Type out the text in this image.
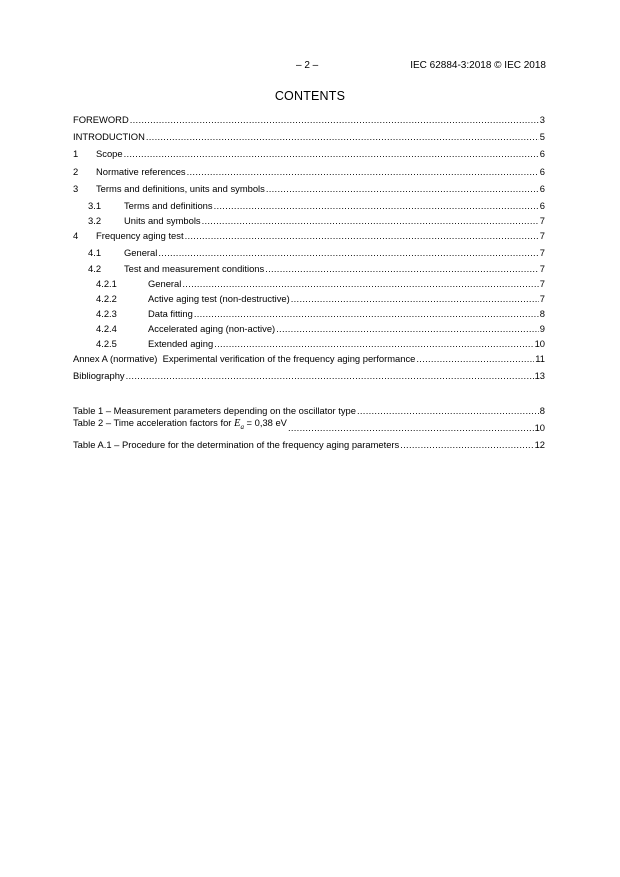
– 2 –	IEC 62884-3:2018 © IEC 2018
CONTENTS
FOREWORD .....	3
INTRODUCTION .....	5
1	Scope .....	6
2	Normative references .....	6
3	Terms and definitions, units and symbols .....	6
3.1	Terms and definitions .....	6
3.2	Units and symbols .....	7
4	Frequency aging test .....	7
4.1	General .....	7
4.2	Test and measurement conditions .....	7
4.2.1	General .....	7
4.2.2	Active aging test (non-destructive) .....	7
4.2.3	Data fitting .....	8
4.2.4	Accelerated aging (non-active) .....	9
4.2.5	Extended aging .....	10
Annex A (normative)  Experimental verification of the frequency aging performance .....	11
Bibliography .....	13
Table 1 – Measurement parameters depending on the oscillator type .....	8
Table 2 – Time acceleration factors for $E_a = 0,38$ eV .....	10
Table A.1 – Procedure for the determination of the frequency aging parameters .....	12
